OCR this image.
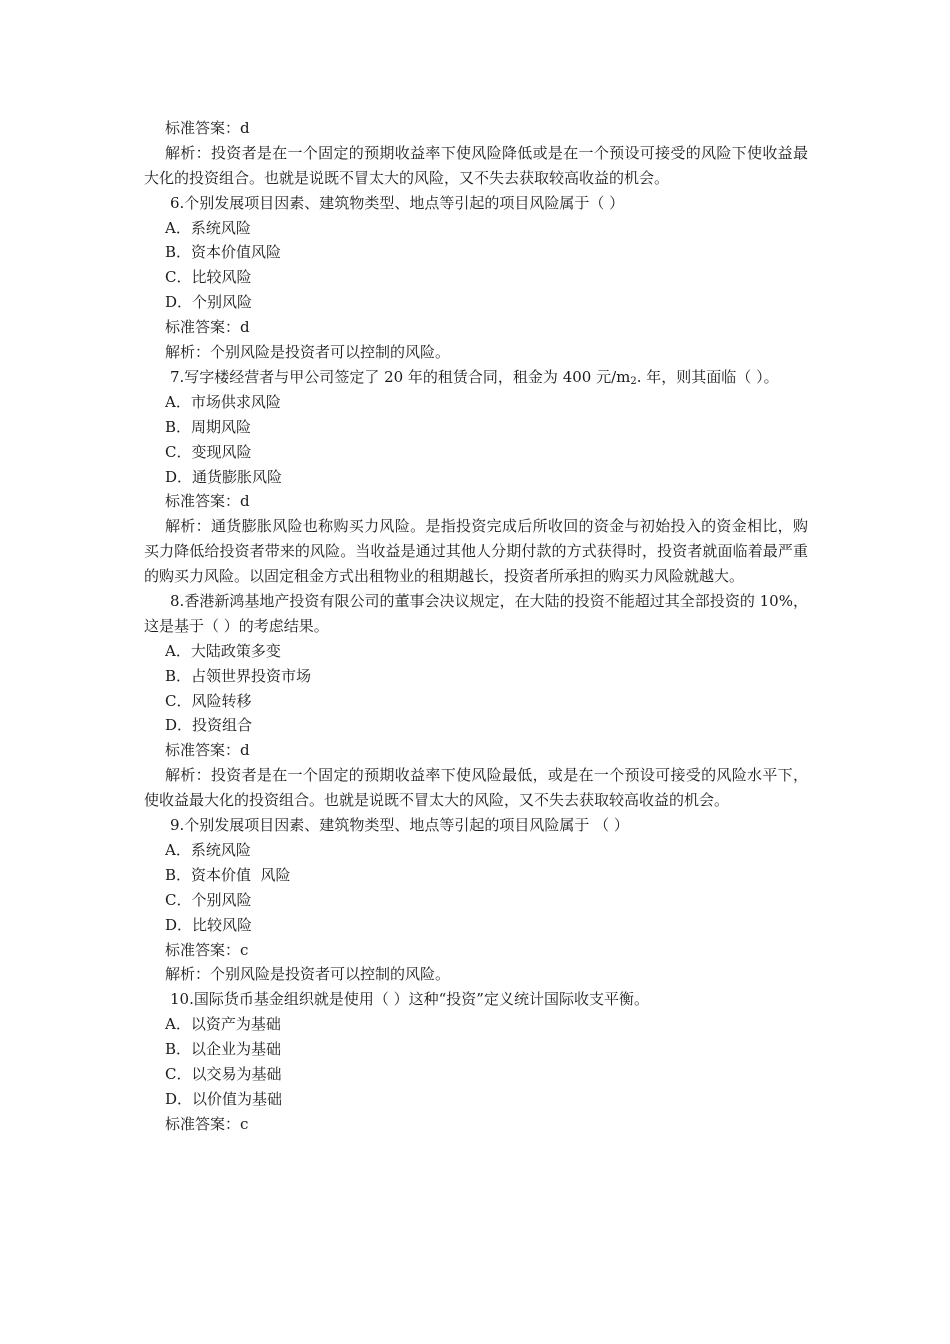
标准答案：d
解析：投资者是在一个固定的预期收益率下使风险降低或是在一个预设可接受的风险下使收益最大化的投资组合。也就是说既不冒太大的风险，又不失去获取较高收益的机会。
6.个别发展项目因素、建筑物类型、地点等引起的项目风险属于（ ）
A．系统风险
B．资本价值风险
C．比较风险
D．个别风险
标准答案：d
解析：个别风险是投资者可以控制的风险。
7.写字楼经营者与甲公司签定了 20 年的租赁合同，租金为 400 元$/m_2$. 年，则其面临（ ）。
A．市场供求风险
B．周期风险
C．变现风险
D．通货膨胀风险
标准答案：d
解析：通货膨胀风险也称购买力风险。是指投资完成后所收回的资金与初始投入的资金相比，购买力降低给投资者带来的风险。当收益是通过其他人分期付款的方式获得时，投资者就面临着最严重的购买力风险。以固定租金方式出租物业的租期越长，投资者所承担的购买力风险就越大。
8.香港新鸿基地产投资有限公司的董事会决议规定，在大陆的投资不能超过其全部投资的 10%，这是基于（ ）的考虑结果。
A．大陆政策多变
B．占领世界投资市场
C．风险转移
D．投资组合
标准答案：d
解析：投资者是在一个固定的预期收益率下使风险最低，或是在一个预设可接受的风险水平下，使收益最大化的投资组合。也就是说既不冒太大的风险，又不失去获取较高收益的机会。
9.个别发展项目因素、建筑物类型、地点等引起的项目风险属于 （ ）
A．系统风险
B．资本价值  风险
C．个别风险
D．比较风险
标准答案：c
解析：个别风险是投资者可以控制的风险。
10.国际货币基金组织就是使用（ ）这种“投资”定义统计国际收支平衡。
A．以资产为基础
B．以企业为基础
C．以交易为基础
D．以价值为基础
标准答案：c
